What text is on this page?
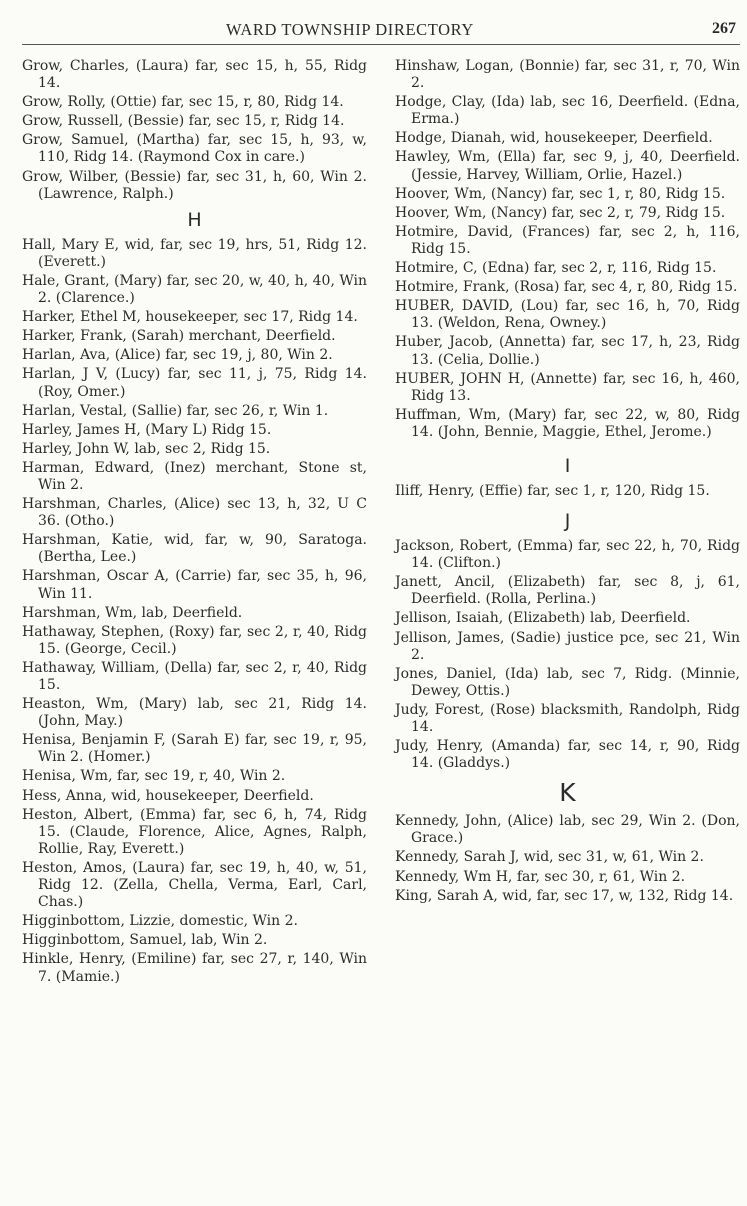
WARD TOWNSHIP DIRECTORY	267

Grow, Charles, (Laura) far, sec 15, h, 55, Ridg 14.

Grow, Rolly, (Ottie) far, sec 15, r, 80, Ridg 14.

Grow, Russell, (Bessie) far, sec 15, r, Ridg 14.

Grow, Samuel, (Martha) far, sec 15, h, 93, w, 110, Ridg 14. (Raymond Cox in care.)

Grow, Wilber, (Bessie) far, sec 31, h, 60, Win 2. (Lawrence, Ralph.)

H

Hall, Mary E, wid, far, sec 19, hrs, 51, Ridg 12. (Everett.)

Hale, Grant, (Mary) far, sec 20, w, 40, h, 40, Win 2. (Clarence.)

Harker, Ethel M, housekeeper, sec 17, Ridg 14.

Harker, Frank, (Sarah) merchant, Deerfield.

Harlan, Ava, (Alice) far, sec 19, j, 80, Win 2.

Harlan, J V, (Lucy) far, sec 11, j, 75, Ridg 14. (Roy, Omer.)

Harlan, Vestal, (Sallie) far, sec 26, r, Win 1.

Harley, James H, (Mary L) Ridg 15.

Harley, John W, lab, sec 2, Ridg 15.

Harman, Edward, (Inez) merchant, Stone st, Win 2.

Harshman, Charles, (Alice) sec 13, h, 32, U C 36. (Otho.)

Harshman, Katie, wid, far, w, 90, Saratoga. (Bertha, Lee.)

Harshman, Oscar A, (Carrie) far, sec 35, h, 96, Win 11.

Harshman, Wm, lab, Deerfield.

Hathaway, Stephen, (Roxy) far, sec 2, r, 40, Ridg 15. (George, Cecil.)

Hathaway, William, (Della) far, sec 2, r, 40, Ridg 15.

Heaston, Wm, (Mary) lab, sec 21, Ridg 14. (John, May.)

Henisa, Benjamin F, (Sarah E) far, sec 19, r, 95, Win 2. (Homer.)

Henisa, Wm, far, sec 19, r, 40, Win 2.

Hess, Anna, wid, housekeeper, Deerfield.

Heston, Albert, (Emma) far, sec 6, h, 74, Ridg 15. (Claude, Florence, Alice, Agnes, Ralph, Rollie, Ray, Everett.)

Heston, Amos, (Laura) far, sec 19, h, 40, w, 51, Ridg 12. (Zella, Chella, Verma, Earl, Carl, Chas.)

Higginbottom, Lizzie, domestic, Win 2.

Higginbottom, Samuel, lab, Win 2.

Hinkle, Henry, (Emiline) far, sec 27, r, 140, Win 7. (Mamie.)

Hinshaw, Logan, (Bonnie) far, sec 31, r, 70, Win 2.

Hodge, Clay, (Ida) lab, sec 16, Deerfield. (Edna, Erma.)

Hodge, Dianah, wid, housekeeper, Deerfield.

Hawley, Wm, (Ella) far, sec 9, j, 40, Deerfield. (Jessie, Harvey, William, Orlie, Hazel.)

Hoover, Wm, (Nancy) far, sec 1, r, 80, Ridg 15.

Hoover, Wm, (Nancy) far, sec 2, r, 79, Ridg 15.

Hotmire, David, (Frances) far, sec 2, h, 116, Ridg 15.

Hotmire, C, (Edna) far, sec 2, r, 116, Ridg 15.

Hotmire, Frank, (Rosa) far, sec 4, r, 80, Ridg 15.

HUBER, DAVID, (Lou) far, sec 16, h, 70, Ridg 13. (Weldon, Rena, Owney.)

Huber, Jacob, (Annetta) far, sec 17, h, 23, Ridg 13. (Celia, Dollie.)

HUBER, JOHN H, (Annette) far, sec 16, h, 460, Ridg 13.

Huffman, Wm, (Mary) far, sec 22, w, 80, Ridg 14. (John, Bennie, Maggie, Ethel, Jerome.)

I

Iliff, Henry, (Effie) far, sec 1, r, 120, Ridg 15.

J

Jackson, Robert, (Emma) far, sec 22, h, 70, Ridg 14. (Clifton.)

Janett, Ancil, (Elizabeth) far, sec 8, j, 61, Deerfield. (Rolla, Perlina.)

Jellison, Isaiah, (Elizabeth) lab, Deerfield.

Jellison, James, (Sadie) justice pce, sec 21, Win 2.

Jones, Daniel, (Ida) lab, sec 7, Ridg. (Minnie, Dewey, Ottis.)

Judy, Forest, (Rose) blacksmith, Randolph, Ridg 14.

Judy, Henry, (Amanda) far, sec 14, r, 90, Ridg 14. (Gladdys.)

K

Kennedy, John, (Alice) lab, sec 29, Win 2. (Don, Grace.)

Kennedy, Sarah J, wid, sec 31, w, 61, Win 2.

Kennedy, Wm H, far, sec 30, r, 61, Win 2.

King, Sarah A, wid, far, sec 17, w, 132, Ridg 14.
